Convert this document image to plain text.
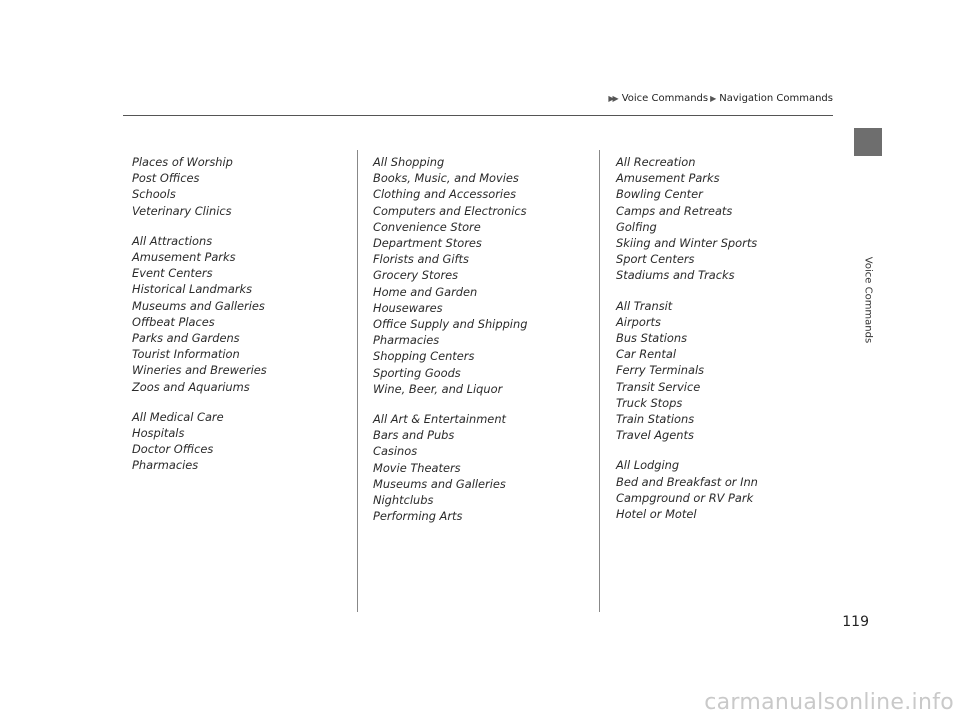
▶▶ Voice Commands ▶ Navigation Commands
Voice Commands
Places of Worship
Post Offices
Schools
Veterinary Clinics
All Attractions
Amusement Parks
Event Centers
Historical Landmarks
Museums and Galleries
Offbeat Places
Parks and Gardens
Tourist Information
Wineries and Breweries
Zoos and Aquariums
All Medical Care
Hospitals
Doctor Offices
Pharmacies
All Shopping
Books, Music, and Movies
Clothing and Accessories
Computers and Electronics
Convenience Store
Department Stores
Florists and Gifts
Grocery Stores
Home and Garden
Housewares
Office Supply and Shipping
Pharmacies
Shopping Centers
Sporting Goods
Wine, Beer, and Liquor
All Art & Entertainment
Bars and Pubs
Casinos
Movie Theaters
Museums and Galleries
Nightclubs
Performing Arts
All Recreation
Amusement Parks
Bowling Center
Camps and Retreats
Golfing
Skiing and Winter Sports
Sport Centers
Stadiums and Tracks
All Transit
Airports
Bus Stations
Car Rental
Ferry Terminals
Transit Service
Truck Stops
Train Stations
Travel Agents
All Lodging
Bed and Breakfast or Inn
Campground or RV Park
Hotel or Motel
119
carmanualsonline.info
